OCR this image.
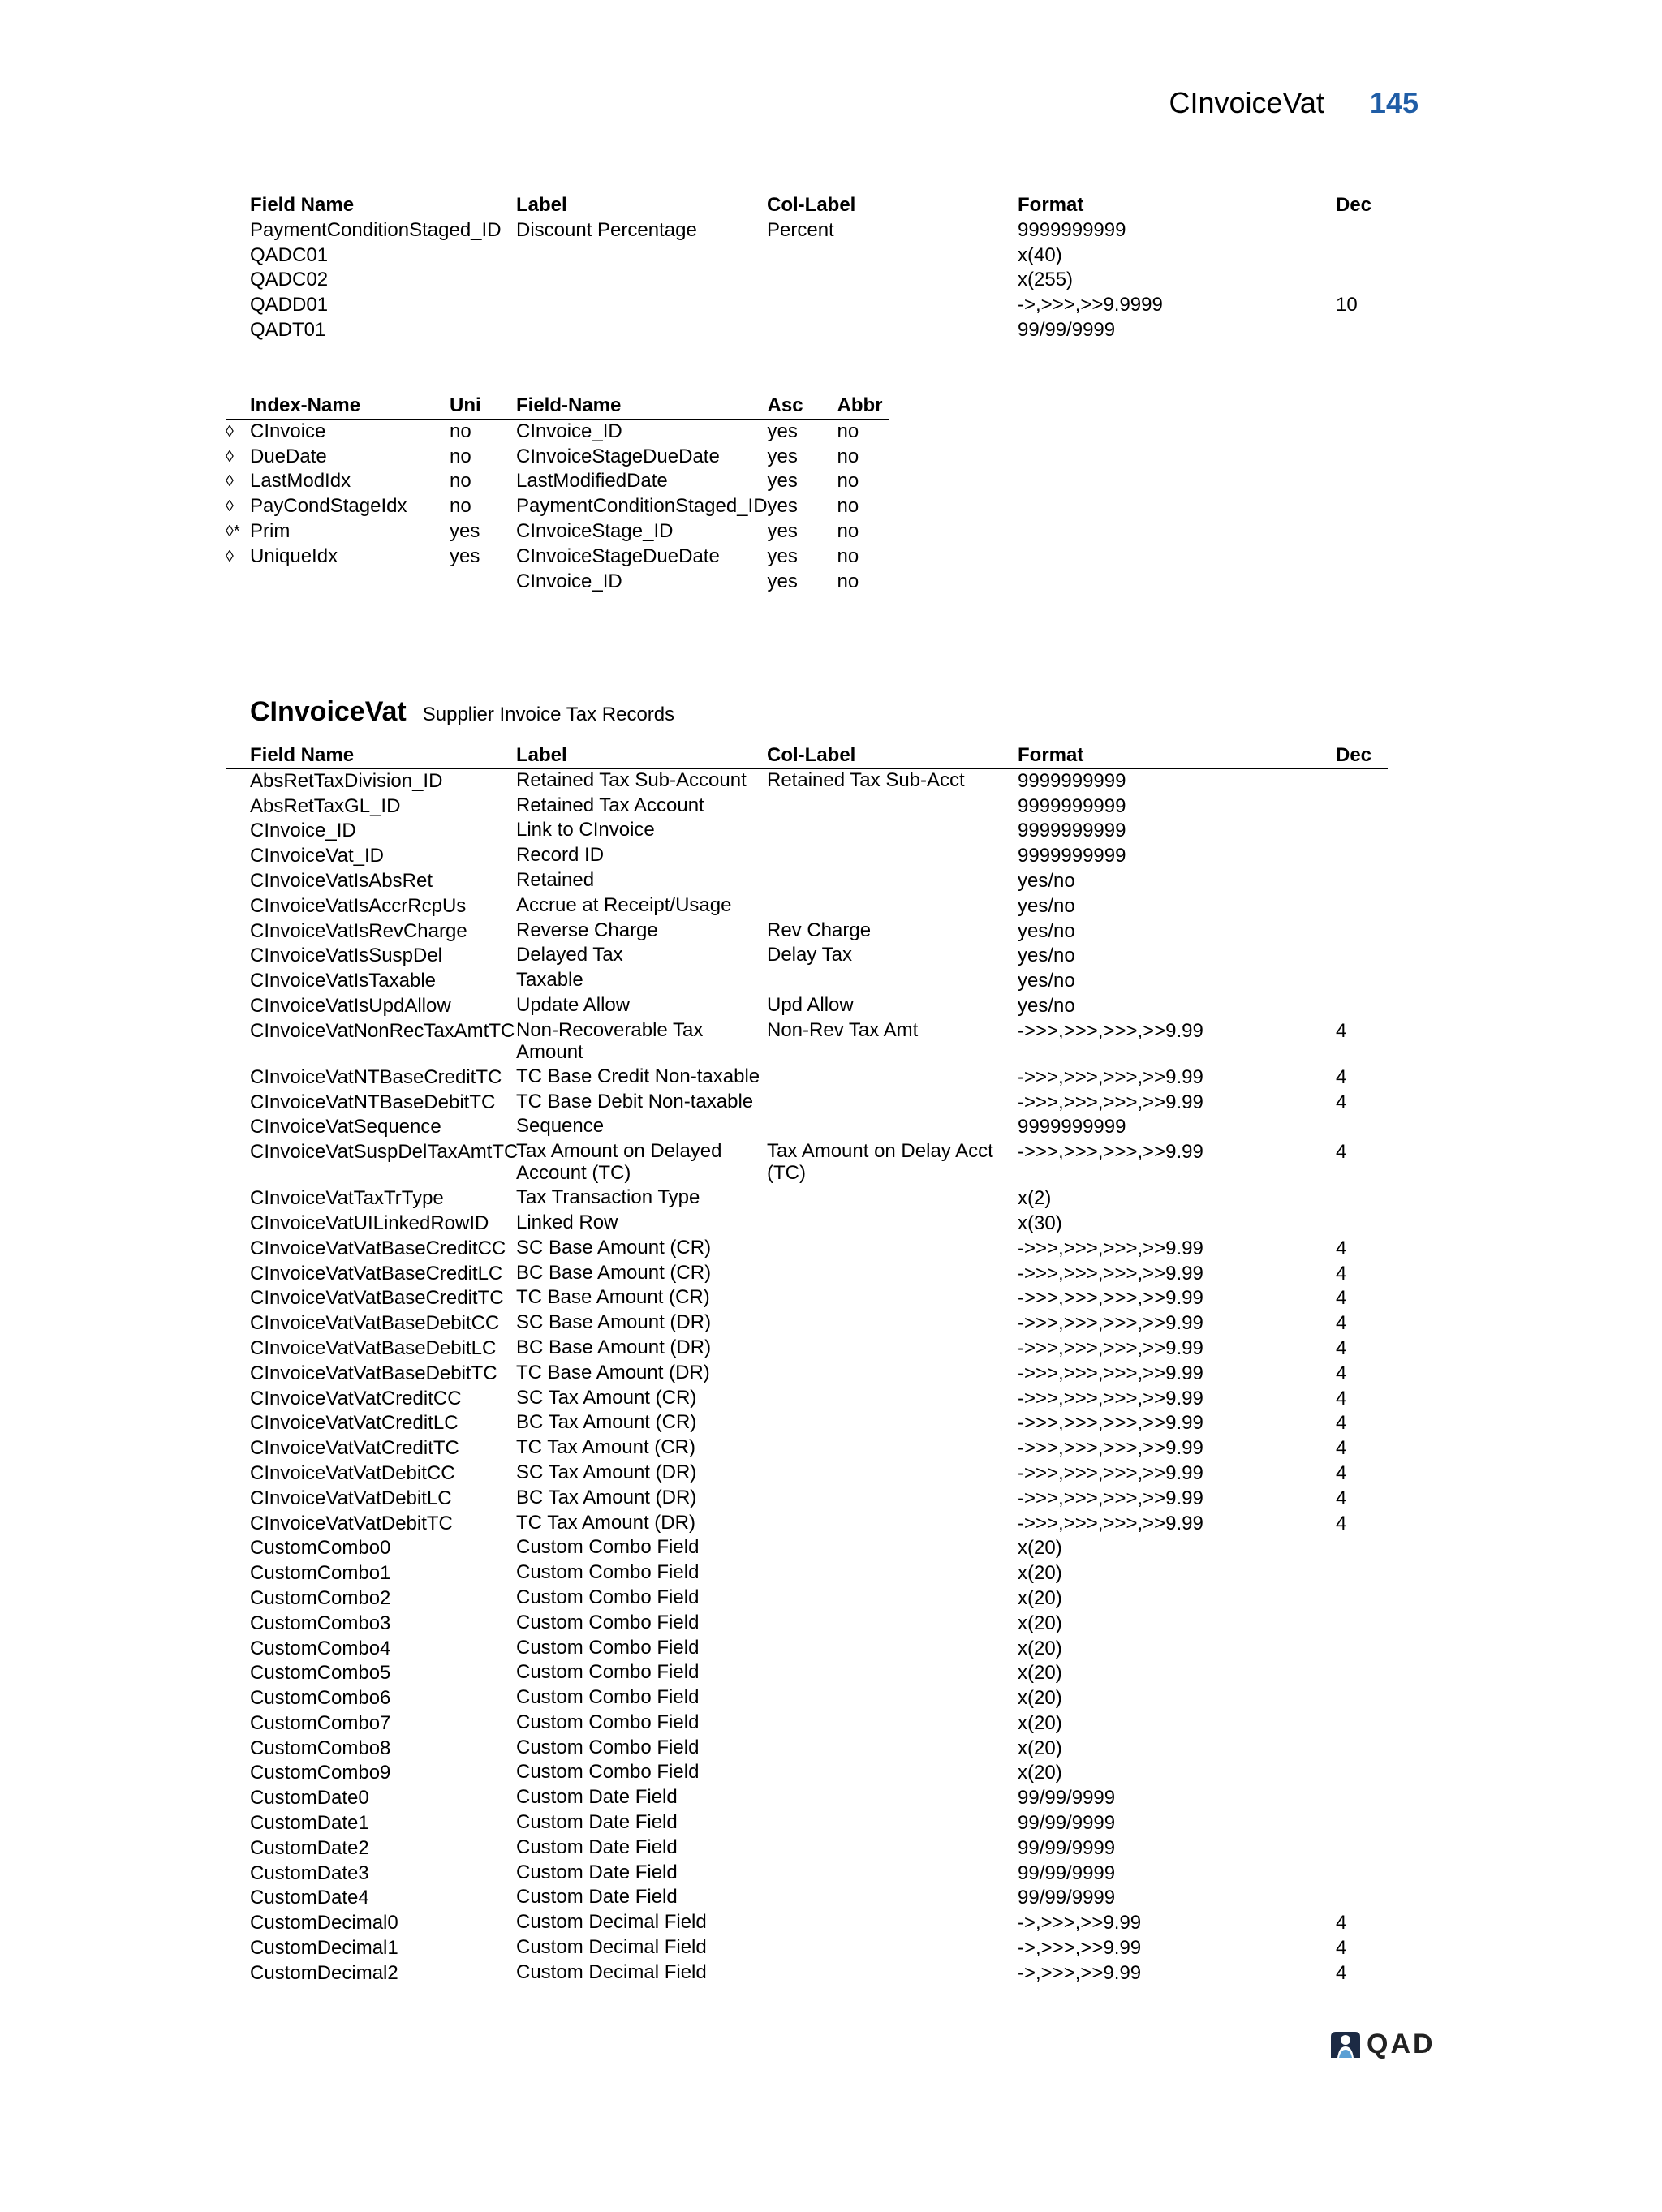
CInvoiceVat 145
	Field Name	Label	Col-Label	Format	Dec
	PaymentConditionStaged_ID	Discount Percentage	Percent	9999999999	
	QADC01			x(40)	
	QADC02			x(255)	
	QADD01			->,>>>,>>9.9999	10
	QADT01			99/99/9999	
	Index-Name	Uni	Field-Name	Asc	Abbr
◊	CInvoice	no	CInvoice_ID	yes	no
◊	DueDate	no	CInvoiceStageDueDate	yes	no
◊	LastModIdx	no	LastModifiedDate	yes	no
◊	PayCondStageIdx	no	PaymentConditionStaged_ID	yes	no
◊*	Prim	yes	CInvoiceStage_ID	yes	no
◊	UniqueIdx	yes	CInvoiceStageDueDate	yes	no
			CInvoice_ID	yes	no
CInvoiceVat Supplier Invoice Tax Records
	Field Name	Label	Col-Label	Format	Dec
	AbsRetTaxDivision_ID	Retained Tax Sub-Account	Retained Tax Sub-Acct	9999999999	
	AbsRetTaxGL_ID	Retained Tax Account		9999999999	
	CInvoice_ID	Link to CInvoice		9999999999	
	CInvoiceVat_ID	Record ID		9999999999	
	CInvoiceVatIsAbsRet	Retained		yes/no	
	CInvoiceVatIsAccrRcpUs	Accrue at Receipt/Usage		yes/no	
	CInvoiceVatIsRevCharge	Reverse Charge	Rev Charge	yes/no	
	CInvoiceVatIsSuspDel	Delayed Tax	Delay Tax	yes/no	
	CInvoiceVatIsTaxable	Taxable		yes/no	
	CInvoiceVatIsUpdAllow	Update Allow	Upd Allow	yes/no	
	CInvoiceVatNonRecTaxAmtTC	Non-Recoverable Tax Amount	Non-Rev Tax Amt	->>>,>>>,>>>,>>9.99	4
	CInvoiceVatNTBaseCreditTC	TC Base Credit Non-taxable		->>>,>>>,>>>,>>9.99	4
	CInvoiceVatNTBaseDebitTC	TC Base Debit Non-taxable		->>>,>>>,>>>,>>9.99	4
	CInvoiceVatSequence	Sequence		9999999999	
	CInvoiceVatSuspDelTaxAmtTC	Tax Amount on Delayed Account (TC)	Tax Amount on Delay Acct (TC)	->>>,>>>,>>>,>>9.99	4
	CInvoiceVatTaxTrType	Tax Transaction Type		x(2)	
	CInvoiceVatUILinkedRowID	Linked Row		x(30)	
	CInvoiceVatVatBaseCreditCC	SC Base Amount (CR)		->>>,>>>,>>>,>>9.99	4
	CInvoiceVatVatBaseCreditLC	BC Base Amount (CR)		->>>,>>>,>>>,>>9.99	4
	CInvoiceVatVatBaseCreditTC	TC Base Amount (CR)		->>>,>>>,>>>,>>9.99	4
	CInvoiceVatVatBaseDebitCC	SC Base Amount (DR)		->>>,>>>,>>>,>>9.99	4
	CInvoiceVatVatBaseDebitLC	BC Base Amount (DR)		->>>,>>>,>>>,>>9.99	4
	CInvoiceVatVatBaseDebitTC	TC Base Amount (DR)		->>>,>>>,>>>,>>9.99	4
	CInvoiceVatVatCreditCC	SC Tax Amount (CR)		->>>,>>>,>>>,>>9.99	4
	CInvoiceVatVatCreditLC	BC Tax Amount (CR)		->>>,>>>,>>>,>>9.99	4
	CInvoiceVatVatCreditTC	TC Tax Amount (CR)		->>>,>>>,>>>,>>9.99	4
	CInvoiceVatVatDebitCC	SC Tax Amount (DR)		->>>,>>>,>>>,>>9.99	4
	CInvoiceVatVatDebitLC	BC Tax Amount (DR)		->>>,>>>,>>>,>>9.99	4
	CInvoiceVatVatDebitTC	TC Tax Amount (DR)		->>>,>>>,>>>,>>9.99	4
	CustomCombo0	Custom Combo Field		x(20)	
	CustomCombo1	Custom Combo Field		x(20)	
	CustomCombo2	Custom Combo Field		x(20)	
	CustomCombo3	Custom Combo Field		x(20)	
	CustomCombo4	Custom Combo Field		x(20)	
	CustomCombo5	Custom Combo Field		x(20)	
	CustomCombo6	Custom Combo Field		x(20)	
	CustomCombo7	Custom Combo Field		x(20)	
	CustomCombo8	Custom Combo Field		x(20)	
	CustomCombo9	Custom Combo Field		x(20)	
	CustomDate0	Custom Date Field		99/99/9999	
	CustomDate1	Custom Date Field		99/99/9999	
	CustomDate2	Custom Date Field		99/99/9999	
	CustomDate3	Custom Date Field		99/99/9999	
	CustomDate4	Custom Date Field		99/99/9999	
	CustomDecimal0	Custom Decimal Field		->,>>>,>>9.99	4
	CustomDecimal1	Custom Decimal Field		->,>>>,>>9.99	4
	CustomDecimal2	Custom Decimal Field		->,>>>,>>9.99	4
QAD
